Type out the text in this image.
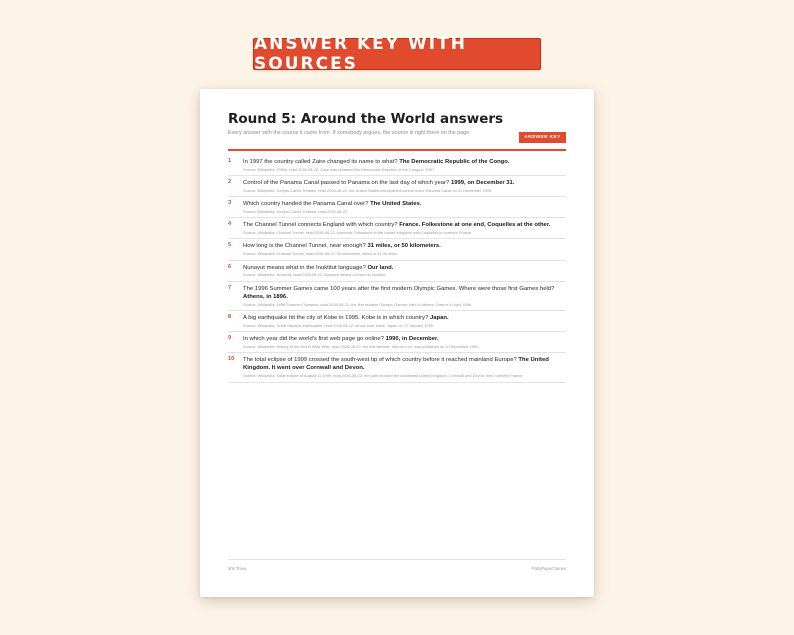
ANSWER KEY WITH SOURCES
Round 5: Around the World answers
Every answer with the source it came from. If somebody argues, the source is right there on the page.
ANSWER KEY
1 In 1997 the country called Zaire changed its name to what? The Democratic Republic of the Congo.
Source: Wikipedia, 1990s, read 2026-08-22: Zaire was renamed the Democratic Republic of the Congo in 1997.
2 Control of the Panama Canal passed to Panama on the last day of which year? 1999, on December 31.
Source: Wikipedia, Torrijos-Carter Treaties, read 2026-08-22: the United States relinquished control of the Panama Canal on 31 December 1999.
3 Which country handed the Panama Canal over? The United States.
Source: Wikipedia, Torrijos-Carter Treaties, read 2026-08-22.
4 The Channel Tunnel connects England with which country? France. Folkestone at one end, Coquelles at the other.
Source: Wikipedia, Channel Tunnel, read 2026-08-22: connects Folkestone in the United Kingdom with Coquelles in northern France.
5 How long is the Channel Tunnel, near enough? 31 miles, or 50 kilometers.
Source: Wikipedia, Channel Tunnel, read 2026-08-22: 50 kilometers, which is 31.35 miles.
6 Nunavut means what in the Inuktitut language? Our land.
Source: Wikipedia, Nunavut, read 2026-08-22: Nunavut means our land in Inuktitut.
7 The 1996 Summer Games came 100 years after the first modern Olympic Games. Where were those first Games held? Athens, in 1896.
Source: Wikipedia, 1896 Summer Olympics, read 2026-08-22: the first modern Olympic Games, held in Athens, Greece in April 1896.
8 A big earthquake hit the city of Kobe in 1995. Kobe is in which country? Japan.
Source: Wikipedia, Great Hanshin earthquake, read 2026-08-22: struck near Kobe, Japan on 17 January 1995.
9 In which year did the world's first web page go online? 1990, in December.
Source: Wikipedia, History of the World Wide Web, read 2026-08-22: the first website, info.cern.ch, was published on 20 December 1990.
10 The total eclipse of 1999 crossed the south-west tip of which country before it reached mainland Europe? The United Kingdom. It went over Cornwall and Devon.
Source: Wikipedia, Solar eclipse of August 11 1999, read 2026-08-22: the path crossed the southwest United Kingdom, Cornwall and Devon, then northern France.
90s Trivia	PartyPaperGames
